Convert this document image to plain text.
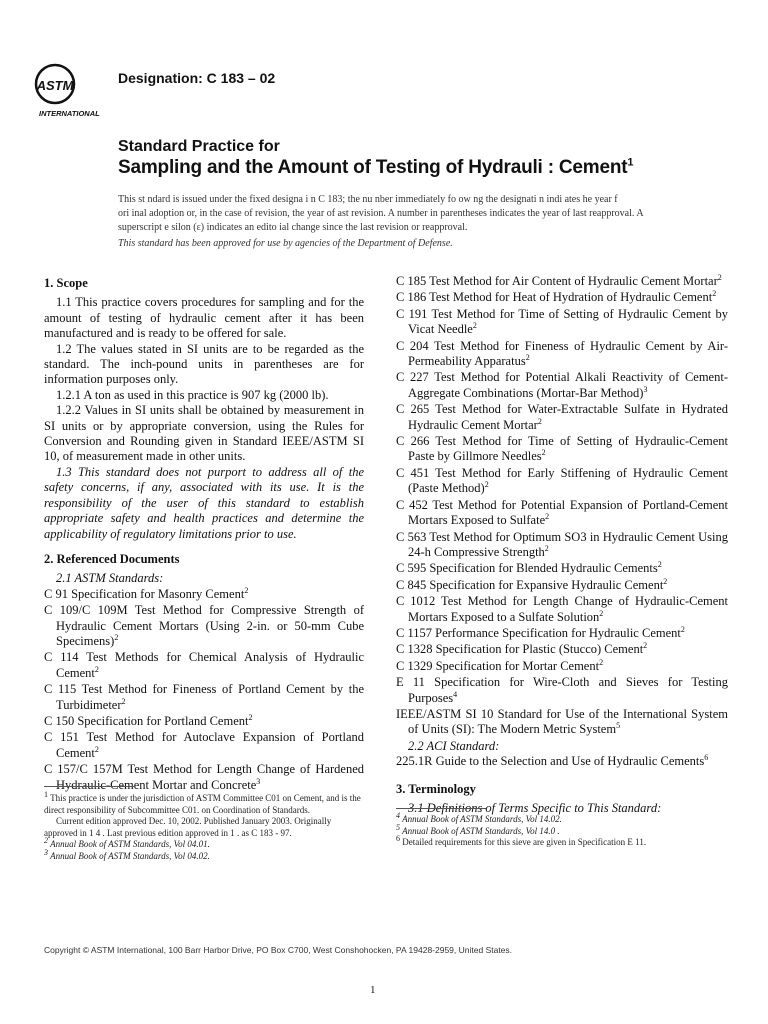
ASTM
INTERNATIONAL
Designation: C 183 – 02
Standard Practice for
Sampling and the Amount of Testing of Hydrauli : Cement$^1$
This st ndard is issued under the fixed designa i n C 183; the nu nber immediately fo ow ng the designati n indi ates he year f
ori inal adoption or, in the case of revision, the year of ast revision. A number in parentheses indicates the year of last reapproval. A
superscript e silon (ε) indicates an edito ial change since the last revision or reapproval.
This standard has been approved for use by agencies of the Department of Defense.

1. Scope

1.1 This practice covers procedures for sampling and for the amount of testing of hydraulic cement after it has been manufactured and is ready to be offered for sale.

1.2 The values stated in SI units are to be regarded as the standard. The inch-pound units in parentheses are for information purposes only.

1.2.1 A ton as used in this practice is 907 kg (2000 lb).

1.2.2 Values in SI units shall be obtained by measurement in SI units or by appropriate conversion, using the Rules for Conversion and Rounding given in Standard IEEE/ASTM SI 10, of measurement made in other units.

1.3 This standard does not purport to address all of the safety concerns, if any, associated with its use. It is the responsibility of the user of this standard to establish appropriate safety and health practices and determine the applicability of regulatory limitations prior to use.

2. Referenced Documents

2.1 ASTM Standards:

C 91 Specification for Masonry Cement$^2$

C 109/C 109M Test Method for Compressive Strength of Hydraulic Cement Mortars (Using 2-in. or 50-mm Cube Specimens)$^2$

C 114 Test Methods for Chemical Analysis of Hydraulic Cement$^2$

C 115 Test Method for Fineness of Portland Cement by the Turbidimeter$^2$

C 150 Specification for Portland Cement$^2$

C 151 Test Method for Autoclave Expansion of Portland Cement$^2$

C 157/C 157M Test Method for Length Change of Hardened Hydraulic-Cement Mortar and Concrete$^3$

C 185 Test Method for Air Content of Hydraulic Cement Mortar$^2$

C 186 Test Method for Heat of Hydration of Hydraulic Cement$^2$

C 191 Test Method for Time of Setting of Hydraulic Cement by Vicat Needle$^2$

C 204 Test Method for Fineness of Hydraulic Cement by Air-Permeability Apparatus$^2$

C 227 Test Method for Potential Alkali Reactivity of Cement-Aggregate Combinations (Mortar-Bar Method)$^3$

C 265 Test Method for Water-Extractable Sulfate in Hydrated Hydraulic Cement Mortar$^2$

C 266 Test Method for Time of Setting of Hydraulic-Cement Paste by Gillmore Needles$^2$

C 451 Test Method for Early Stiffening of Hydraulic Cement (Paste Method)$^2$

C 452 Test Method for Potential Expansion of Portland-Cement Mortars Exposed to Sulfate$^2$

C 563 Test Method for Optimum SO3 in Hydraulic Cement Using 24-h Compressive Strength$^2$

C 595 Specification for Blended Hydraulic Cements$^2$

C 845 Specification for Expansive Hydraulic Cement$^2$

C 1012 Test Method for Length Change of Hydraulic-Cement Mortars Exposed to a Sulfate Solution$^2$

C 1157 Performance Specification for Hydraulic Cement$^2$

C 1328 Specification for Plastic (Stucco) Cement$^2$

C 1329 Specification for Mortar Cement$^2$

E 11 Specification for Wire-Cloth and Sieves for Testing Purposes$^4$

IEEE/ASTM SI 10 Standard for Use of the International System of Units (SI): The Modern Metric System$^5$

2.2 ACI Standard:

225.1R Guide to the Selection and Use of Hydraulic Cements$^6$

3. Terminology

3.1 Definitions of Terms Specific to This Standard:

$^1$ This practice is under the jurisdiction of ASTM Committee C01 on Cement, and is the direct responsibility of Subcommittee C01. on Coordination of Standards.

Current edition approved Dec. 10, 2002. Published January 2003. Originally approved in 1 4 . Last previous edition approved in 1 . as C 183 - 97.

$^2$ Annual Book of ASTM Standards, Vol 04.01.

$^3$ Annual Book of ASTM Standards, Vol 04.02.

$^4$ Annual Book of ASTM Standards, Vol 14.02.

$^5$ Annual Book of ASTM Standards, Vol 14.0 .

$^6$ Detailed requirements for this sieve are given in Specification E 11.

Copyright © ASTM International, 100 Barr Harbor Drive, PO Box C700, West Conshohocken, PA 19428-2959, United States.
1
